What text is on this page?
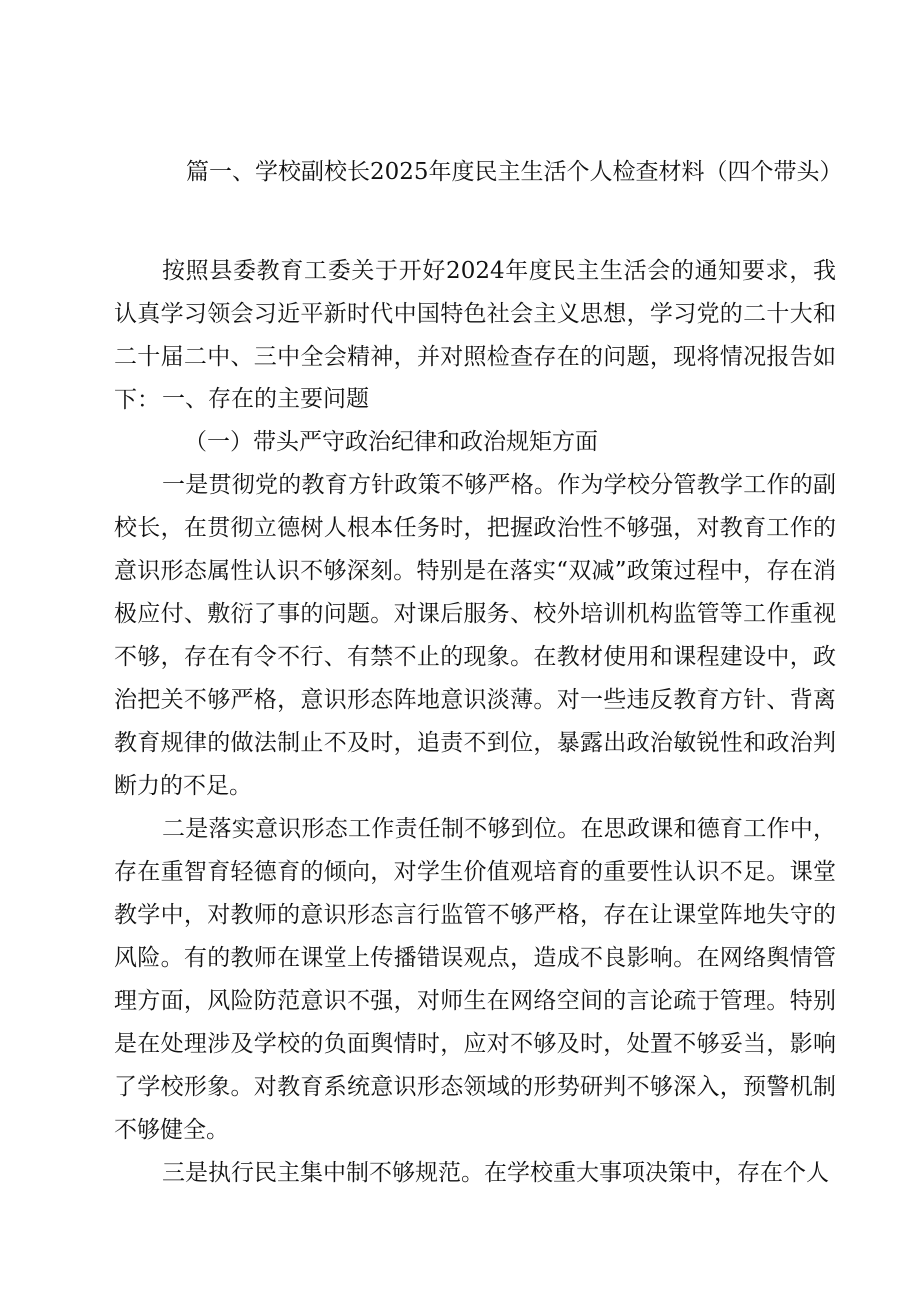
篇一、学校副校长2025年度民主生活个人检查材料（四个带头）

按照县委教育工委关于开好2024年度民主生活会的通知要求，我认真学习领会习近平新时代中国特色社会主义思想，学习党的二十大和二十届二中、三中全会精神，并对照检查存在的问题，现将情况报告如下： 一、存在的主要问题

（一）带头严守政治纪律和政治规矩方面

一是贯彻党的教育方针政策不够严格。作为学校分管教学工作的副校长，在贯彻立德树人根本任务时，把握政治性不够强，对教育工作的意识形态属性认识不够深刻。特别是在落实“双减”政策过程中，存在消极应付、敷衍了事的问题。对课后服务、校外培训机构监管等工作重视不够，存在有令不行、有禁不止的现象。在教材使用和课程建设中，政治把关不够严格，意识形态阵地意识淡薄。对一些违反教育方针、背离教育规律的做法制止不及时，追责不到位，暴露出政治敏锐性和政治判断力的不足。

二是落实意识形态工作责任制不够到位。在思政课和德育工作中，存在重智育轻德育的倾向，对学生价值观培育的重要性认识不足。课堂教学中，对教师的意识形态言行监管不够严格，存在让课堂阵地失守的风险。有的教师在课堂上传播错误观点，造成不良影响。在网络舆情管理方面，风险防范意识不强，对师生在网络空间的言论疏于管理。特别是在处理涉及学校的负面舆情时，应对不够及时，处置不够妥当，影响了学校形象。对教育系统意识形态领域的形势研判不够深入，预警机制不够健全。

三是执行民主集中制不够规范。在学校重大事项决策中，存在个人
